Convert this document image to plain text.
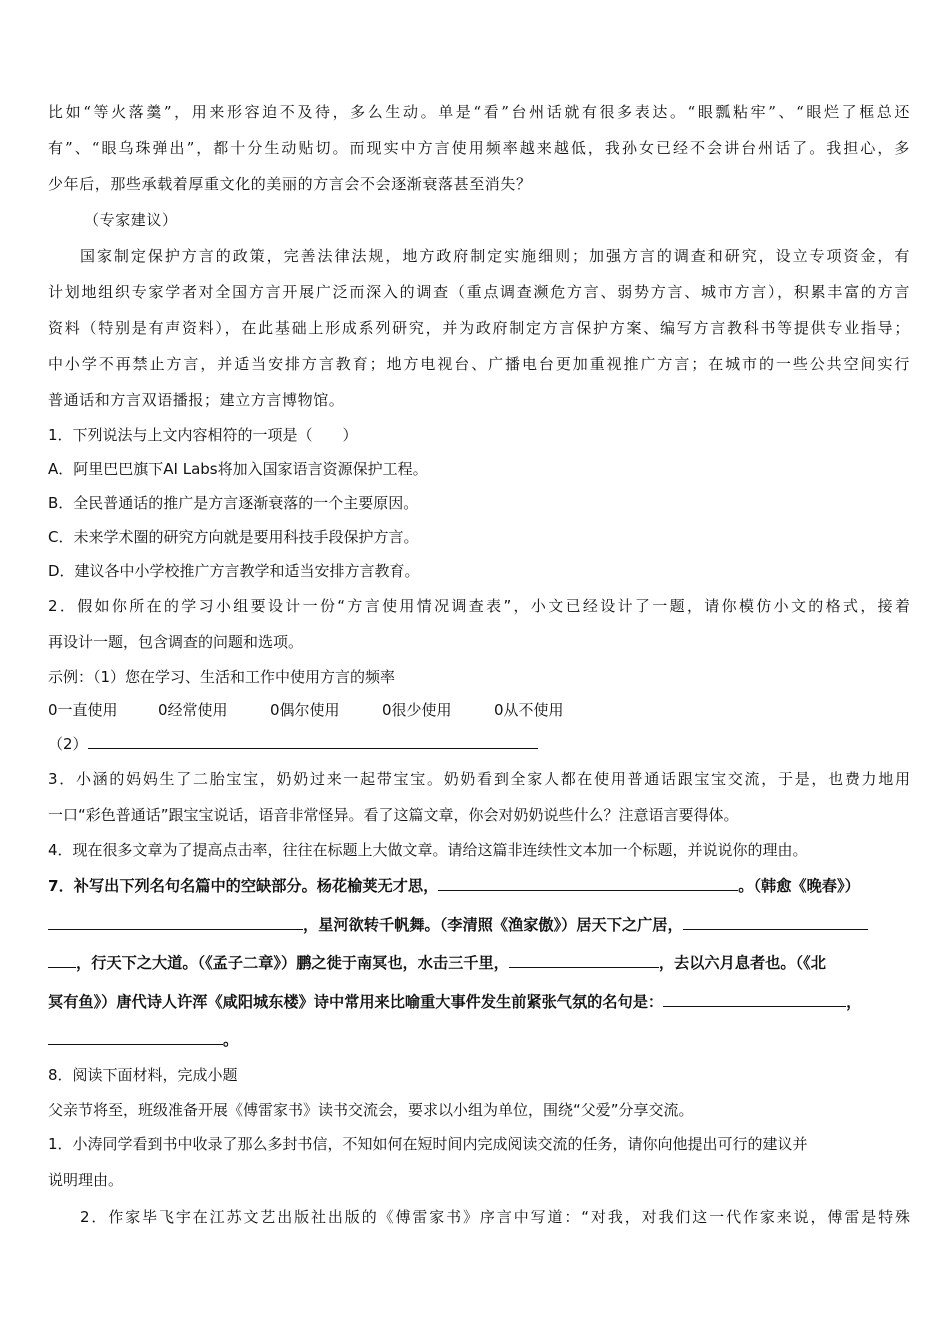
比如“等火落羹”，用来形容迫不及待，多么生动。单是“看”台州话就有很多表达。“眼瓢粘牢”、“眼烂了框总还

有”、“眼乌珠弹出”，都十分生动贴切。而现实中方言使用频率越来越低，我孙女已经不会讲台州话了。我担心，多

少年后，那些承载着厚重文化的美丽的方言会不会逐渐衰落甚至消失？

（专家建议）

国家制定保护方言的政策，完善法律法规，地方政府制定实施细则；加强方言的调查和研究，设立专项资金，有

计划地组织专家学者对全国方言开展广泛而深入的调查（重点调查濒危方言、弱势方言、城市方言），积累丰富的方言

资料（特别是有声资料），在此基础上形成系列研究，并为政府制定方言保护方案、编写方言教科书等提供专业指导；

中小学不再禁止方言，并适当安排方言教育；地方电视台、广播电台更加重视推广方言；在城市的一些公共空间实行

普通话和方言双语播报；建立方言博物馆。

1．下列说法与上文内容相符的一项是（　　）

A．阿里巴巴旗下AI Labs将加入国家语言资源保护工程。

B．全民普通话的推广是方言逐渐衰落的一个主要原因。

C．未来学术圈的研究方向就是要用科技手段保护方言。

D．建议各中小学校推广方言教学和适当安排方言教育。

2．假如你所在的学习小组要设计一份“方言使用情况调查表”，小文已经设计了一题，请你模仿小文的格式，接着

再设计一题，包含调查的问题和选项。

示例：（1）您在学习、生活和工作中使用方言的频率

0一直使用	0经常使用	0偶尔使用	0很少使用	0从不使用

（2）

3．小涵的妈妈生了二胎宝宝，奶奶过来一起带宝宝。奶奶看到全家人都在使用普通话跟宝宝交流，于是，也费力地用

一口“彩色普通话”跟宝宝说话，语音非常怪异。看了这篇文章，你会对奶奶说些什么？注意语言要得体。

4．现在很多文章为了提高点击率，往往在标题上大做文章。请给这篇非连续性文本加一个标题，并说说你的理由。

7．补写出下列名句名篇中的空缺部分。杨花榆荚无才思，	。（韩愈《晚春》）

，星河欲转千帆舞。（李清照《渔家傲》）居天下之广居，

，行天下之大道。（《孟子二章》）鹏之徙于南冥也，水击三千里，	，去以六月息者也。（《北

冥有鱼》）唐代诗人许浑《咸阳城东楼》诗中常用来比喻重大事件发生前紧张气氛的名句是：	，

。

8．阅读下面材料，完成小题

父亲节将至，班级准备开展《傅雷家书》读书交流会，要求以小组为单位，围绕“父爱”分享交流。

1．小涛同学看到书中收录了那么多封书信，不知如何在短时间内完成阅读交流的任务，请你向他提出可行的建议并

说明理由。

2．作家毕飞宇在江苏文艺出版社出版的《傅雷家书》序言中写道：“对我，对我们这一代作家来说，傅雷是特殊
